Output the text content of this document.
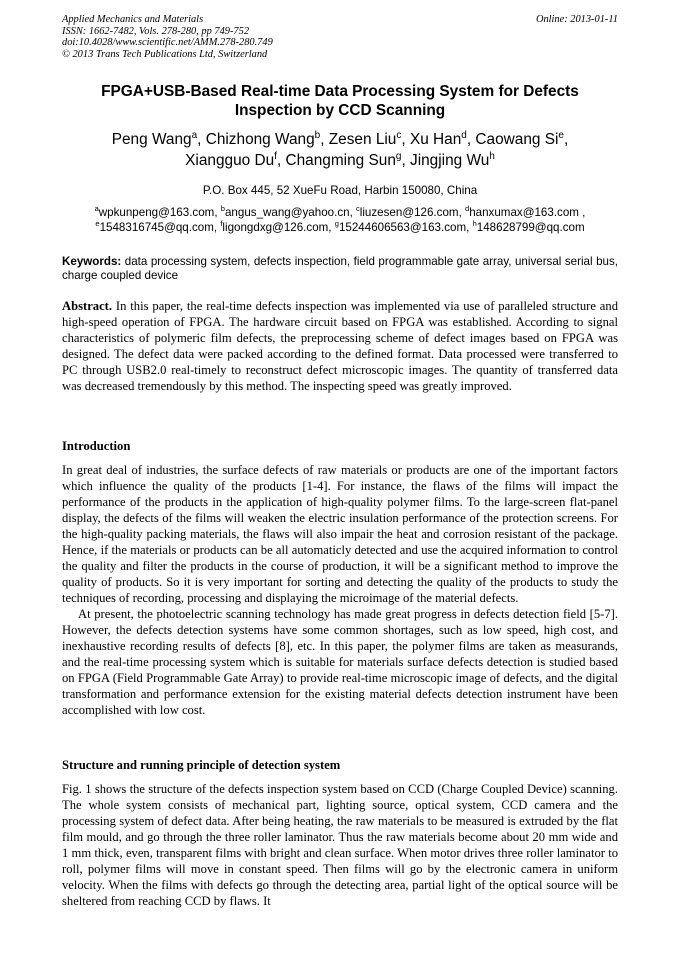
Applied Mechanics and Materials
ISSN: 1662-7482, Vols. 278-280, pp 749-752
doi:10.4028/www.scientific.net/AMM.278-280.749
© 2013 Trans Tech Publications Ltd, Switzerland
Online: 2013-01-11
FPGA+USB-Based Real-time Data Processing System for Defects Inspection by CCD Scanning
Peng Wang$^a$, Chizhong Wang$^b$, Zesen Liu$^c$, Xu Han$^d$, Caowang Si$^e$,
Xiangguo Du$^f$, Changming Sun$^g$, Jingjing Wu$^h$
P.O. Box 445, 52 XueFu Road, Harbin 150080, China
$^a$wpkunpeng@163.com, $^b$angus_wang@yahoo.cn, $^c$liuzesen@126.com, $^d$hanxumax@163.com ,
$^e$1548316745@qq.com, $^f$ligongdxg@126.com, $^g$15244606563@163.com, $^h$148628799@qq.com
Keywords: data processing system, defects inspection, field programmable gate array, universal serial bus, charge coupled device
Abstract. In this paper, the real-time defects inspection was implemented via use of paralleled structure and high-speed operation of FPGA. The hardware circuit based on FPGA was established. According to signal characteristics of polymeric film defects, the preprocessing scheme of defect images based on FPGA was designed. The defect data were packed according to the defined format. Data processed were transferred to PC through USB2.0 real-timely to reconstruct defect microscopic images. The quantity of transferred data was decreased tremendously by this method. The inspecting speed was greatly improved.
Introduction

In great deal of industries, the surface defects of raw materials or products are one of the important factors which influence the quality of the products [1-4]. For instance, the flaws of the films will impact the performance of the products in the application of high-quality polymer films. To the large-screen flat-panel display, the defects of the films will weaken the electric insulation performance of the protection screens. For the high-quality packing materials, the flaws will also impair the heat and corrosion resistant of the package. Hence, if the materials or products can be all automaticly detected and use the acquired information to control the quality and filter the products in the course of production, it will be a significant method to improve the quality of products. So it is very important for sorting and detecting the quality of the products to study the techniques of recording, processing and displaying the microimage of the material defects.

At present, the photoelectric scanning technology has made great progress in defects detection field [5-7]. However, the defects detection systems have some common shortages, such as low speed, high cost, and inexhaustive recording results of defects [8], etc. In this paper, the polymer films are taken as measurands, and the real-time processing system which is suitable for materials surface defects detection is studied based on FPGA (Field Programmable Gate Array) to provide real-time microscopic image of defects, and the digital transformation and performance extension for the existing material defects detection instrument have been accomplished with low cost.

Structure and running principle of detection system

Fig. 1 shows the structure of the defects inspection system based on CCD (Charge Coupled Device) scanning. The whole system consists of mechanical part, lighting source, optical system, CCD camera and the processing system of defect data. After being heating, the raw materials to be measured is extruded by the flat film mould, and go through the three roller laminator. Thus the raw materials become about 20 mm wide and 1 mm thick, even, transparent films with bright and clean surface. When motor drives three roller laminator to roll, polymer films will move in constant speed. Then films will go by the electronic camera in uniform velocity. When the films with defects go through the detecting area, partial light of the optical source will be sheltered from reaching CCD by flaws. It
